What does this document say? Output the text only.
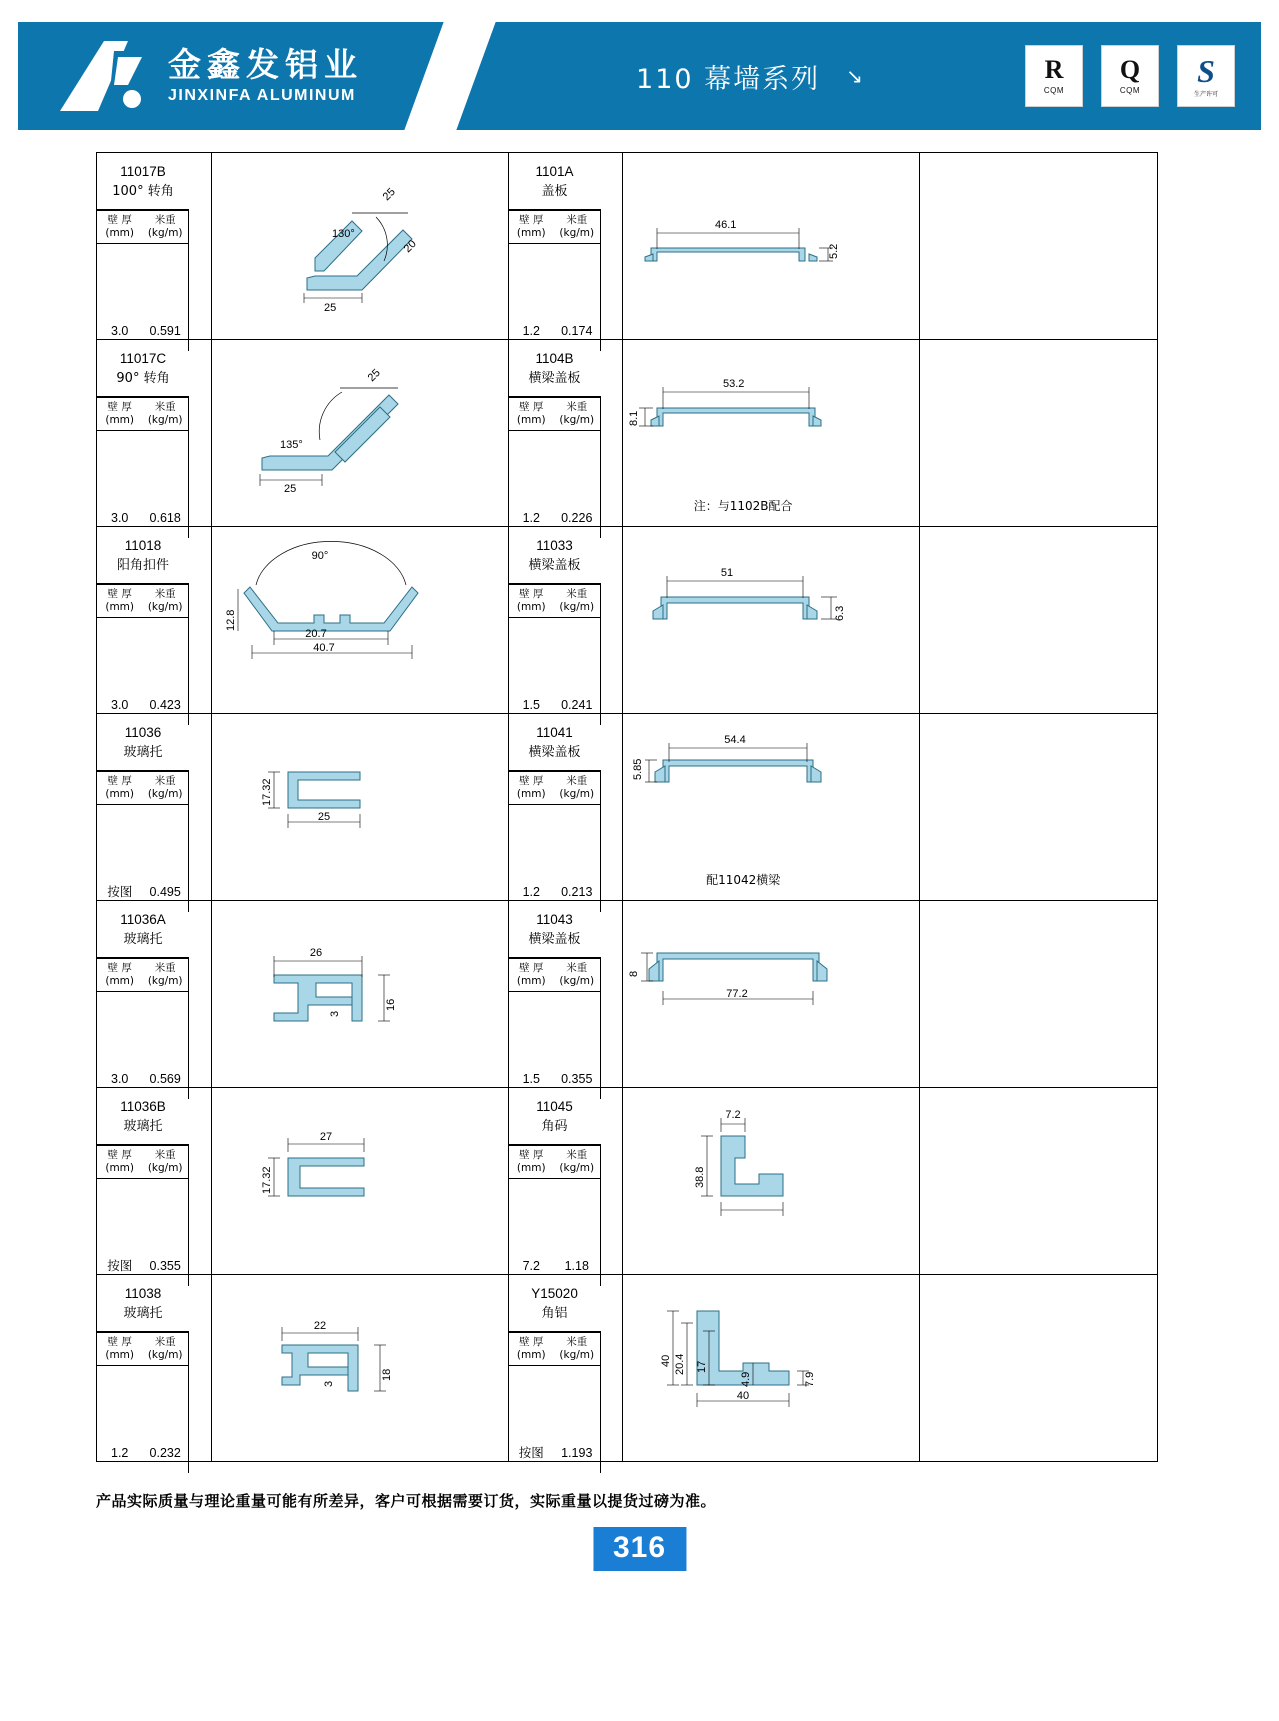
金鑫发铝业
JINXINFA ALUMINUM
110 幕墙系列 ↘	R
CQM
Q
CQM
S
生产许可
11017B
100° 转角
壁 厚
(mm)	米重
(kg/m)
3.0	0.591

25
20
25
130°

1101A
盖板
壁 厚
(mm)	米重
(kg/m)
1.2	0.174

46.1
5.2

11017C
90° 转角
壁 厚
(mm)	米重
(kg/m)
3.0	0.618

25
135°
25

1104B
横梁盖板
壁 厚
(mm)	米重
(kg/m)
1.2	0.226

53.2
8.1
注：与1102B配合

11018
阳角扣件
壁 厚
(mm)	米重
(kg/m)
3.0	0.423

90°
12.8
20.7
40.7

11033
横梁盖板
壁 厚
(mm)	米重
(kg/m)
1.5	0.241

51
6.3

11036
玻璃托
壁 厚
(mm)	米重
(kg/m)
按图	0.495

17.32
25

11041
横梁盖板
壁 厚
(mm)	米重
(kg/m)
1.2	0.213

54.4
5.85
配11042横梁

11036A
玻璃托
壁 厚
(mm)	米重
(kg/m)
3.0	0.569

26
16
3

11043
横梁盖板
壁 厚
(mm)	米重
(kg/m)
1.5	0.355

8
77.2

11036B
玻璃托
壁 厚
(mm)	米重
(kg/m)
按图	0.355

17.32
27

11045
角码
壁 厚
(mm)	米重
(kg/m)
7.2	1.18

7.2
38.8

11038
玻璃托
壁 厚
(mm)	米重
(kg/m)
1.2	0.232

22
18
3

Y15020
角铝
壁 厚
(mm)	米重
(kg/m)
按图	1.193

40 20.4 17
4.9	7.9
40

产品实际质量与理论重量可能有所差异，客户可根据需要订货，实际重量以提货过磅为准。
316
